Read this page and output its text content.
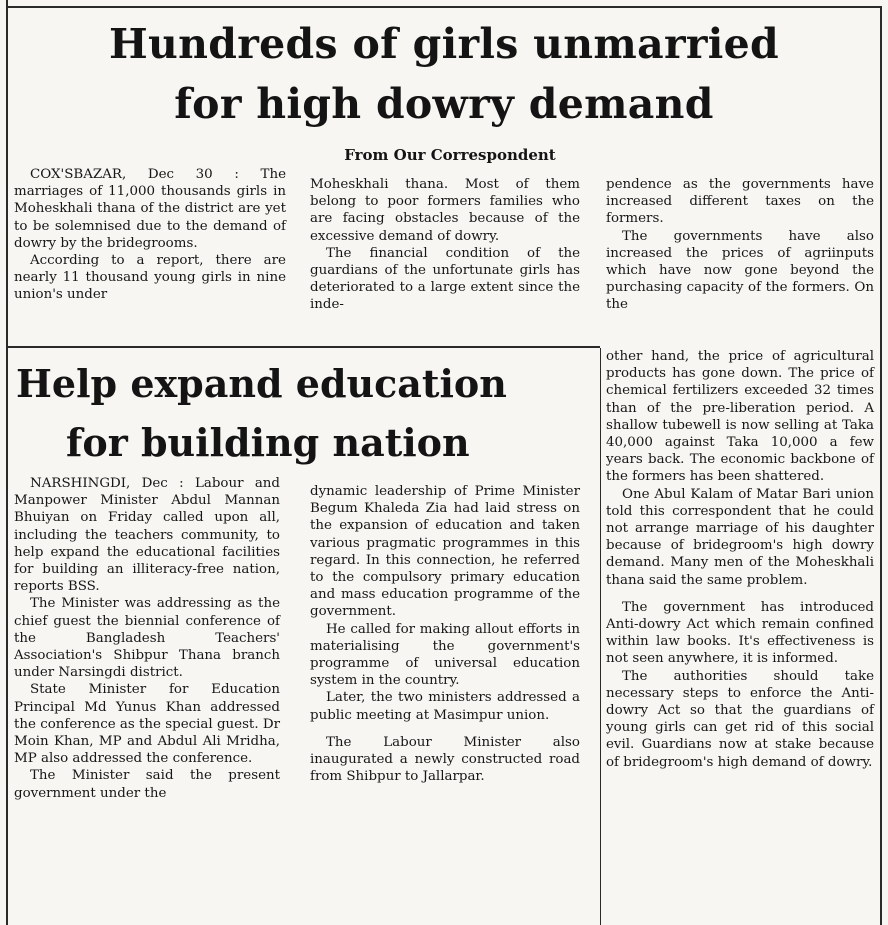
Hundreds of girls unmarried
for high dowry demand
From Our Correspondent

COX'SBAZAR, Dec 30 : The marriages of 11,000 thousands girls in Moheskhali thana of the district are yet to be solemnised due to the demand of dowry by the bridegrooms.

According to a report, there are nearly 11 thousand young girls in nine union's under

Moheskhali thana. Most of them belong to poor formers families who are facing obstacles because of the excessive demand of dowry.

The financial condition of the guardians of the unfortunate girls has deteriorated to a large extent since the inde-

pendence as the governments have increased different taxes on the formers.

The governments have also increased the prices of agriinputs which have now gone beyond the purchasing capacity of the formers. On the

other hand, the price of agricultural products has gone down. The price of chemical fertilizers exceeded 32 times than of the pre-liberation period. A shallow tubewell is now selling at Taka 40,000 against Taka 10,000 a few years back. The economic backbone of the formers has been shattered.

One Abul Kalam of Matar Bari union told this correspondent that he could not arrange marriage of his daughter because of bridegroom's high dowry demand. Many men of the Moheskhali thana said the same problem.

The government has introduced Anti-dowry Act which remain confined within law books. It's effectiveness is not seen anywhere, it is informed.

The authorities should take necessary steps to enforce the Anti-dowry Act so that the guardians of young girls can get rid of this social evil. Guardians now at stake because of bridegroom's high demand of dowry.

Help expand education
for building nation

NARSHINGDI, Dec : Labour and Manpower Minister Abdul Mannan Bhuiyan on Friday called upon all, including the teachers community, to help expand the educational facilities for building an illiteracy-free nation, reports BSS.

The Minister was addressing as the chief guest the biennial conference of the Bangladesh Teachers' Association's Shibpur Thana branch under Narsingdi district.

State Minister for Education Principal Md Yunus Khan addressed the conference as the special guest. Dr Moin Khan, MP and Abdul Ali Mridha, MP also addressed the conference.

The Minister said the present government under the

dynamic leadership of Prime Minister Begum Khaleda Zia had laid stress on the expansion of education and taken various pragmatic programmes in this regard. In this connection, he referred to the compulsory primary education and mass education programme of the government.

He called for making allout efforts in materialising the government's programme of universal education system in the country.

Later, the two ministers addressed a public meeting at Masimpur union.

The Labour Minister also inaugurated a newly constructed road from Shibpur to Jallarpar.
